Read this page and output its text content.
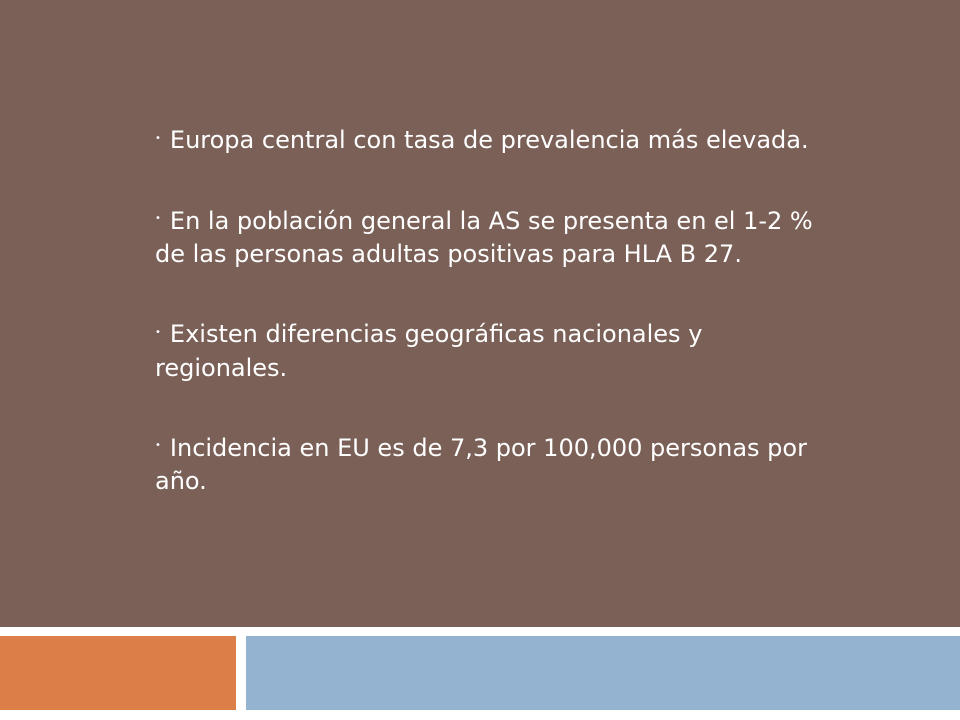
• Europa central con tasa de prevalencia más elevada.
• En la población general la AS se presenta en el 1-2 % de las personas adultas positivas para HLA B 27.
• Existen diferencias geográficas nacionales y regionales.
• Incidencia en EU es de 7,3 por 100,000 personas por año.
